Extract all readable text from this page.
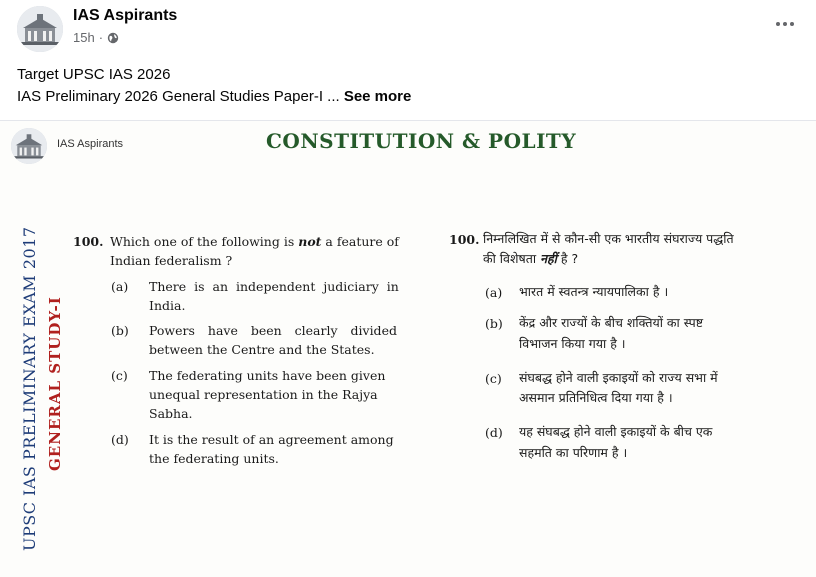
IAS Aspirants
15h ·
Target UPSC IAS 2026
IAS Preliminary 2026 General Studies Paper-I ... See more
IAS Aspirants	CONSTITUTION & POLITY
UPSC IAS PRELIMINARY EXAM 2017 GENERAL STUDY-I
100. Which one of the following is not a feature of
Indian federalism ?
(a) There is an independent judiciary in
India.
(b) Powers have been clearly divided
between the Centre and the States.
(c) The federating units have been given
unequal representation in the Rajya
Sabha.
(d) It is the result of an agreement among
the federating units.
100. निम्नलिखित में से कौन-सी एक भारतीय संघराज्य पद्धति
की विशेषता नहीं है ?
(a) भारत में स्वतन्त्र न्यायपालिका है ।
(b) केंद्र और राज्यों के बीच शक्तियों का स्पष्ट
विभाजन किया गया है ।
(c) संघबद्ध होने वाली इकाइयों को राज्य सभा में
असमान प्रतिनिधित्व दिया गया है ।
(d) यह संघबद्ध होने वाली इकाइयों के बीच एक
सहमति का परिणाम है ।
